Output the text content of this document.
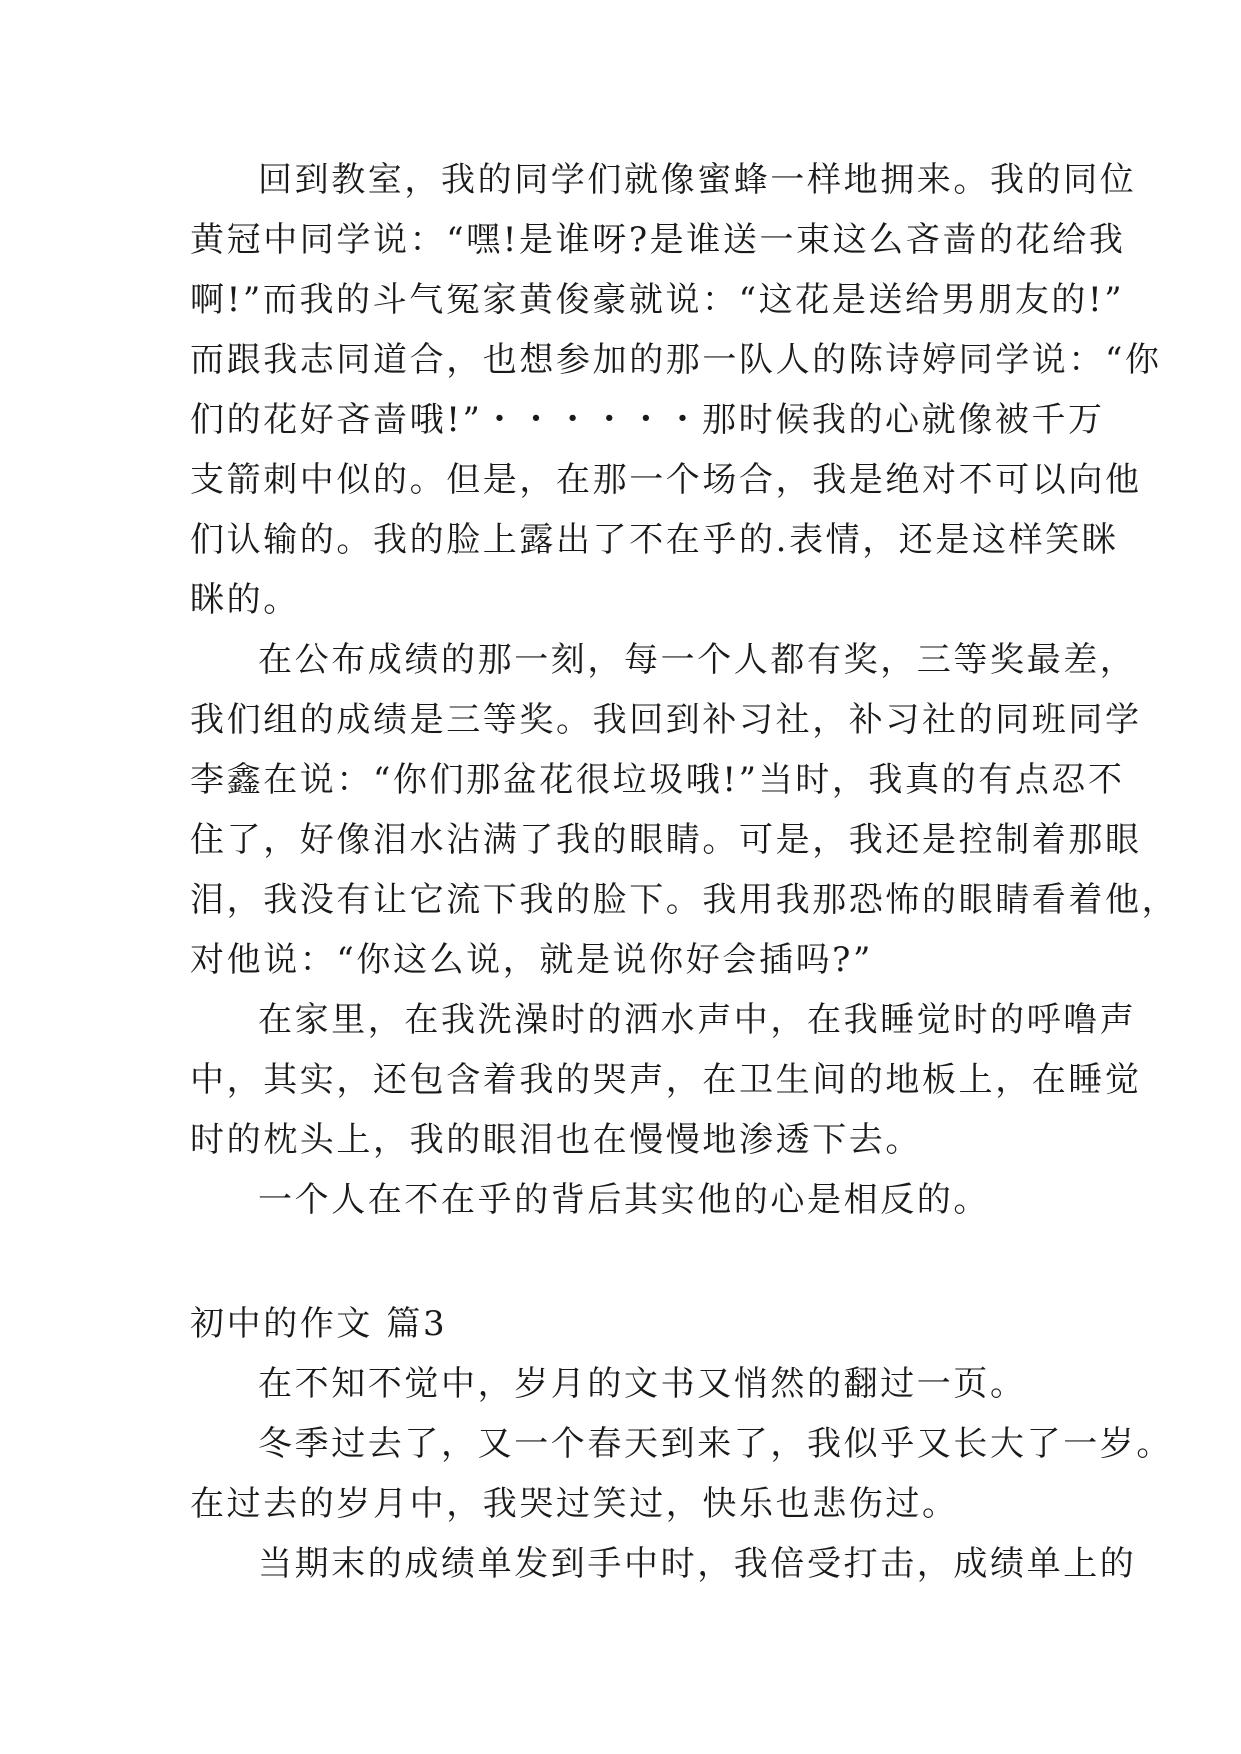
回到教室，我的同学们就像蜜蜂一样地拥来。我的同位
黄冠中同学说：“嘿!是谁呀?是谁送一束这么吝啬的花给我
啊!”而我的斗气冤家黄俊豪就说：“这花是送给男朋友的!”
而跟我志同道合，也想参加的那一队人的陈诗婷同学说：“你
们的花好吝啬哦!”・・・・・・那时候我的心就像被千万
支箭刺中似的。但是，在那一个场合，我是绝对不可以向他
们认输的。我的脸上露出了不在乎的.表情，还是这样笑眯
眯的。
在公布成绩的那一刻，每一个人都有奖，三等奖最差，
我们组的成绩是三等奖。我回到补习社，补习社的同班同学
李鑫在说：“你们那盆花很垃圾哦!”当时，我真的有点忍不
住了，好像泪水沾满了我的眼睛。可是，我还是控制着那眼
泪，我没有让它流下我的脸下。我用我那恐怖的眼睛看着他，
对他说：“你这么说，就是说你好会插吗?”
在家里，在我洗澡时的洒水声中，在我睡觉时的呼噜声
中，其实，还包含着我的哭声，在卫生间的地板上，在睡觉
时的枕头上，我的眼泪也在慢慢地渗透下去。
一个人在不在乎的背后其实他的心是相反的。
初中的作文 篇3
在不知不觉中，岁月的文书又悄然的翻过一页。
冬季过去了，又一个春天到来了，我似乎又长大了一岁。
在过去的岁月中，我哭过笑过，快乐也悲伤过。
当期末的成绩单发到手中时，我倍受打击，成绩单上的
